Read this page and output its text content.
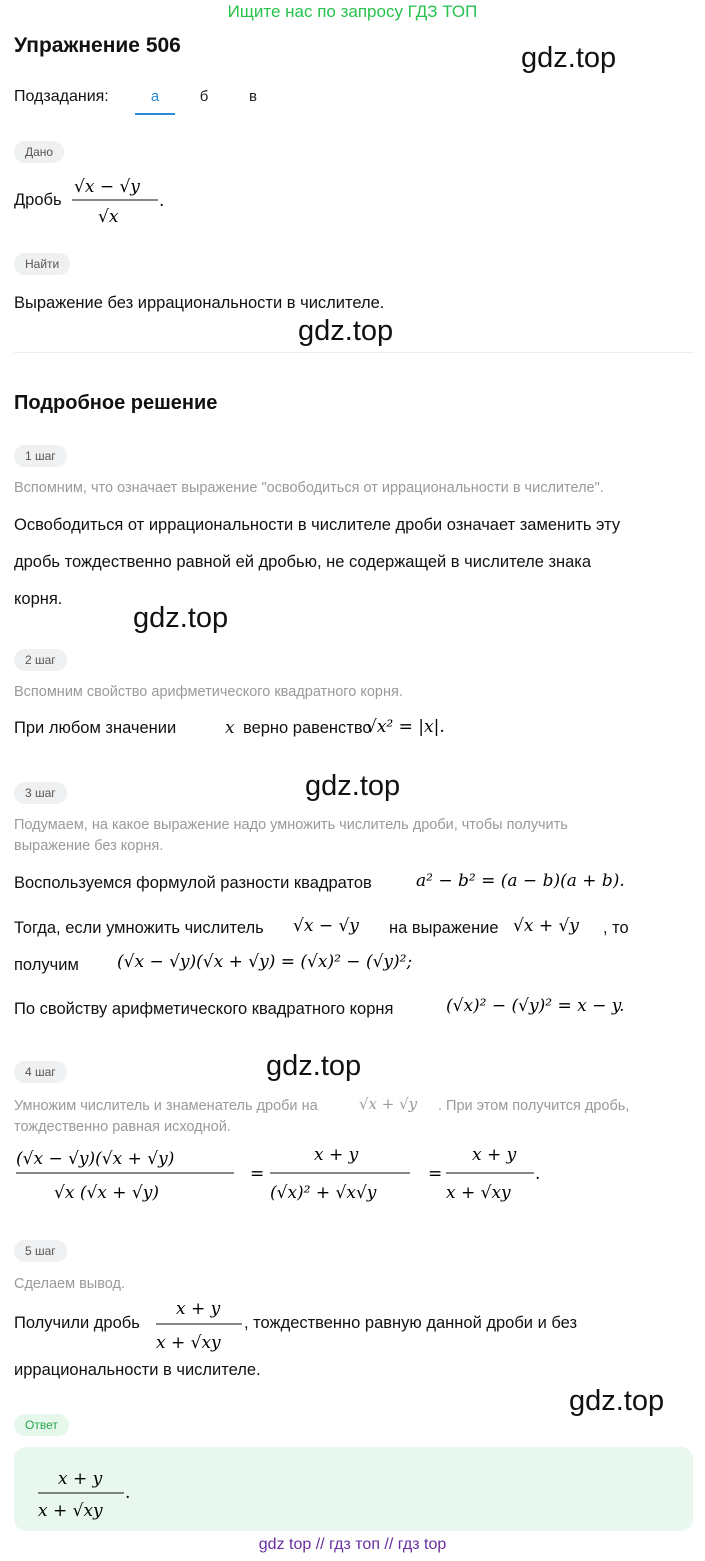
Ищите нас по запросу ГДЗ ТОП
Упражнение 506	gdz.top
Подзадания:	а	б	в
Дано
Дробь
√x − √y
√x
.
Найти
Выражение без иррациональности в числителе.
gdz.top
Подробное решение
1 шаг
Вспомним, что означает выражение "освободиться от иррациональности в числителе".
Освободиться от иррациональности в числителе дроби означает заменить эту
дробь тождественно равной ей дробью, не содержащей в числителе знака
корня.
gdz.top
2 шаг
Вспомним свойство арифметического квадратного корня.
При любом значении	x верно равенство
√x² = |x|.
gdz.top
3 шаг
Подумаем, на какое выражение надо умножить числитель дроби, чтобы получить
выражение без корня.
Воспользуемся формулой разности квадратов	a² − b² = (a − b)(a + b).
Тогда, если умножить числитель √x − √y на выражение √x + √y , то
получим (√x − √y)(√x + √y) = (√x)² − (√y)²;
По свойству арифметического квадратного корня	(√x)² − (√y)² = x − y.
gdz.top
4 шаг
Умножим числитель и знаменатель дроби на	√x + √y . При этом получится дробь,
тождественно равная исходной.
(√x − √y)(√x + √y)
√x (√x + √y)
=
x + y
(√x)² + √x√y
=
x + y
x + √xy
.
5 шаг
Сделаем вывод.
Получили дробь
x + y
x + √xy
, тождественно равную данной дроби и без
иррациональности в числителе.
gdz.top
Ответ
x + y
x + √xy
.
gdz top // гдз топ // гдз top
